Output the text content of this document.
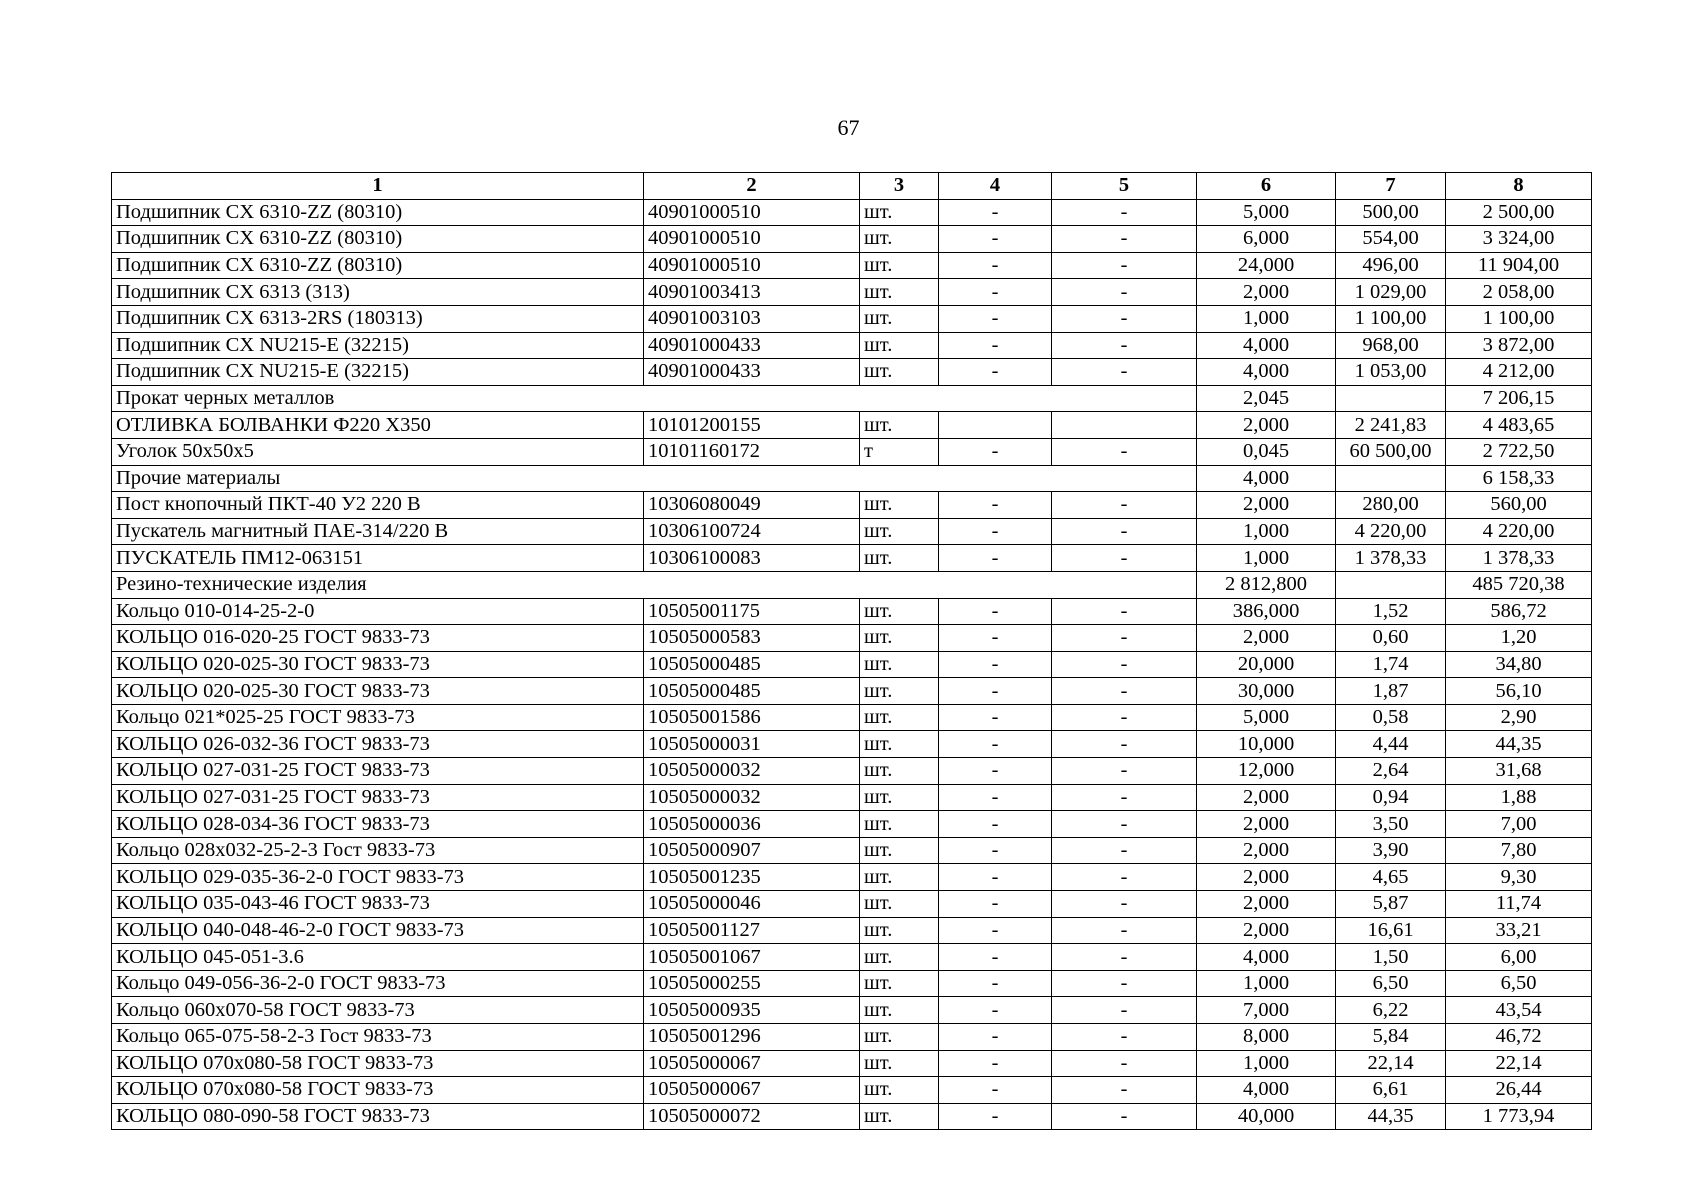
67
1	2	3	4	5	6	7	8
Подшипник CX 6310-ZZ (80310)	40901000510	шт.	-	-	5,000	500,00	2 500,00
Подшипник CX 6310-ZZ (80310)	40901000510	шт.	-	-	6,000	554,00	3 324,00
Подшипник CX 6310-ZZ (80310)	40901000510	шт.	-	-	24,000	496,00	11 904,00
Подшипник CX 6313 (313)	40901003413	шт.	-	-	2,000	1 029,00	2 058,00
Подшипник CX 6313-2RS (180313)	40901003103	шт.	-	-	1,000	1 100,00	1 100,00
Подшипник CX NU215-E (32215)	40901000433	шт.	-	-	4,000	968,00	3 872,00
Подшипник CX NU215-E (32215)	40901000433	шт.	-	-	4,000	1 053,00	4 212,00
Прокат черных металлов					2,045		7 206,15
ОТЛИВКА БОЛВАНКИ Ф220 Х350	10101200155	шт.			2,000	2 241,83	4 483,65
Уголок 50х50х5	10101160172	т	-	-	0,045	60 500,00	2 722,50
Прочие материалы					4,000		6 158,33
Пост кнопочный ПКТ-40 У2 220 В	10306080049	шт.	-	-	2,000	280,00	560,00
Пускатель магнитный ПАЕ-314/220 В	10306100724	шт.	-	-	1,000	4 220,00	4 220,00
ПУСКАТЕЛЬ ПМ12-063151	10306100083	шт.	-	-	1,000	1 378,33	1 378,33
Резино-технические изделия					2 812,800		485 720,38
Кольцо 010-014-25-2-0	10505001175	шт.	-	-	386,000	1,52	586,72
КОЛЬЦО 016-020-25 ГОСТ 9833-73	10505000583	шт.	-	-	2,000	0,60	1,20
КОЛЬЦО 020-025-30 ГОСТ 9833-73	10505000485	шт.	-	-	20,000	1,74	34,80
КОЛЬЦО 020-025-30 ГОСТ 9833-73	10505000485	шт.	-	-	30,000	1,87	56,10
Кольцо 021*025-25 ГОСТ 9833-73	10505001586	шт.	-	-	5,000	0,58	2,90
КОЛЬЦО 026-032-36 ГОСТ 9833-73	10505000031	шт.	-	-	10,000	4,44	44,35
КОЛЬЦО 027-031-25 ГОСТ 9833-73	10505000032	шт.	-	-	12,000	2,64	31,68
КОЛЬЦО 027-031-25 ГОСТ 9833-73	10505000032	шт.	-	-	2,000	0,94	1,88
КОЛЬЦО 028-034-36 ГОСТ 9833-73	10505000036	шт.	-	-	2,000	3,50	7,00
Кольцо 028х032-25-2-3 Гост 9833-73	10505000907	шт.	-	-	2,000	3,90	7,80
КОЛЬЦО 029-035-36-2-0 ГОСТ 9833-73	10505001235	шт.	-	-	2,000	4,65	9,30
КОЛЬЦО 035-043-46 ГОСТ 9833-73	10505000046	шт.	-	-	2,000	5,87	11,74
КОЛЬЦО 040-048-46-2-0 ГОСТ 9833-73	10505001127	шт.	-	-	2,000	16,61	33,21
КОЛЬЦО 045-051-3.6	10505001067	шт.	-	-	4,000	1,50	6,00
Кольцо 049-056-36-2-0 ГОСТ 9833-73	10505000255	шт.	-	-	1,000	6,50	6,50
Кольцо 060х070-58 ГОСТ 9833-73	10505000935	шт.	-	-	7,000	6,22	43,54
Кольцо 065-075-58-2-3 Гост 9833-73	10505001296	шт.	-	-	8,000	5,84	46,72
КОЛЬЦО 070х080-58 ГОСТ 9833-73	10505000067	шт.	-	-	1,000	22,14	22,14
КОЛЬЦО 070х080-58 ГОСТ 9833-73	10505000067	шт.	-	-	4,000	6,61	26,44
КОЛЬЦО 080-090-58 ГОСТ 9833-73	10505000072	шт.	-	-	40,000	44,35	1 773,94
